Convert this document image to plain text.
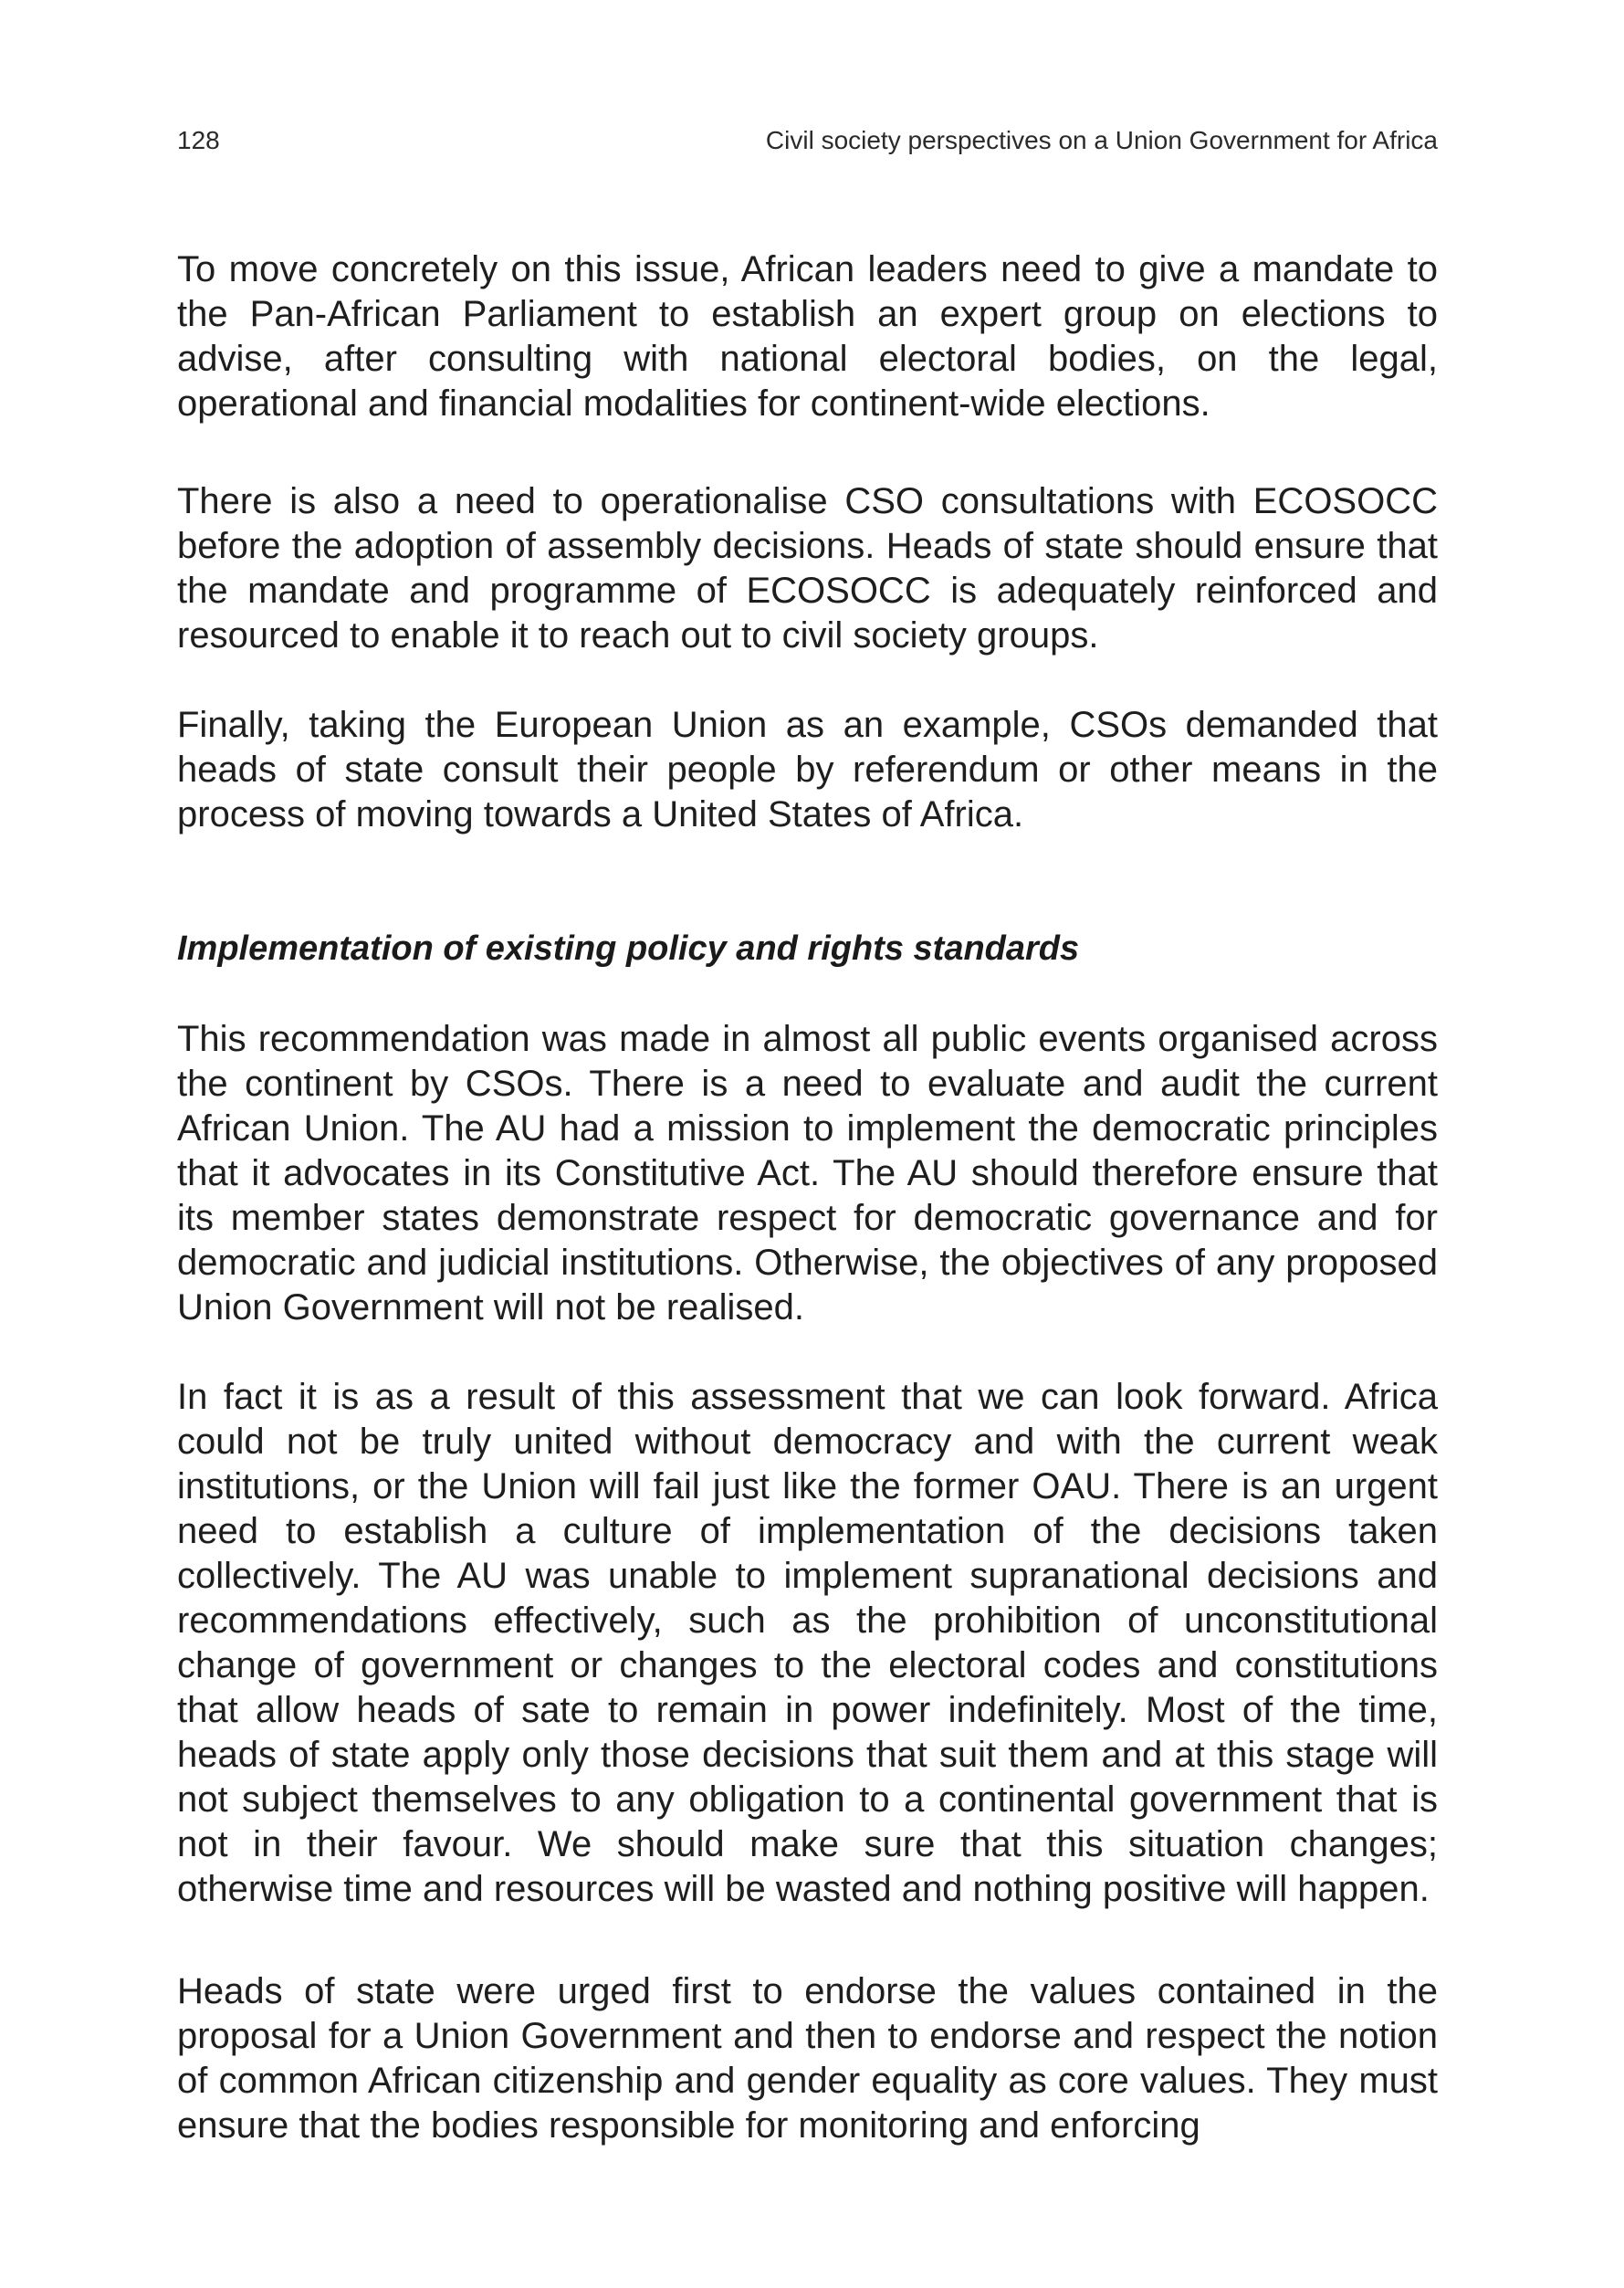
128	Civil society perspectives on a Union Government for Africa

To move concretely on this issue, African leaders need to give a mandate to the Pan-African Parliament to establish an expert group on elections to advise, after consulting with national electoral bodies, on the legal, operational and financial modalities for continent-wide elections.

There is also a need to operationalise CSO consultations with ECOSOCC before the adoption of assembly decisions. Heads of state should ensure that the mandate and programme of ECOSOCC is adequately reinforced and resourced to enable it to reach out to civil society groups.

Finally, taking the European Union as an example, CSOs demanded that heads of state consult their people by referendum or other means in the process of moving towards a United States of Africa.

Implementation of existing policy and rights standards

This recommendation was made in almost all public events organised across the continent by CSOs. There is a need to evaluate and audit the current African Union. The AU had a mission to implement the democratic principles that it advocates in its Constitutive Act. The AU should therefore ensure that its member states demonstrate respect for democratic governance and for democratic and judicial institutions. Otherwise, the objectives of any proposed Union Government will not be realised.

In fact it is as a result of this assessment that we can look forward. Africa could not be truly united without democracy and with the current weak institutions, or the Union will fail just like the former OAU. There is an urgent need to establish a culture of implementation of the decisions taken collectively. The AU was unable to implement supranational decisions and recommendations effectively, such as the prohibition of unconstitutional change of government or changes to the electoral codes and constitutions that allow heads of sate to remain in power indefinitely. Most of the time, heads of state apply only those decisions that suit them and at this stage will not subject themselves to any obligation to a continental government that is not in their favour. We should make sure that this situation changes; otherwise time and resources will be wasted and nothing positive will happen.

Heads of state were urged first to endorse the values contained in the proposal for a Union Government and then to endorse and respect the notion of common African citizenship and gender equality as core values. They must ensure that the bodies responsible for monitoring and enforcing
